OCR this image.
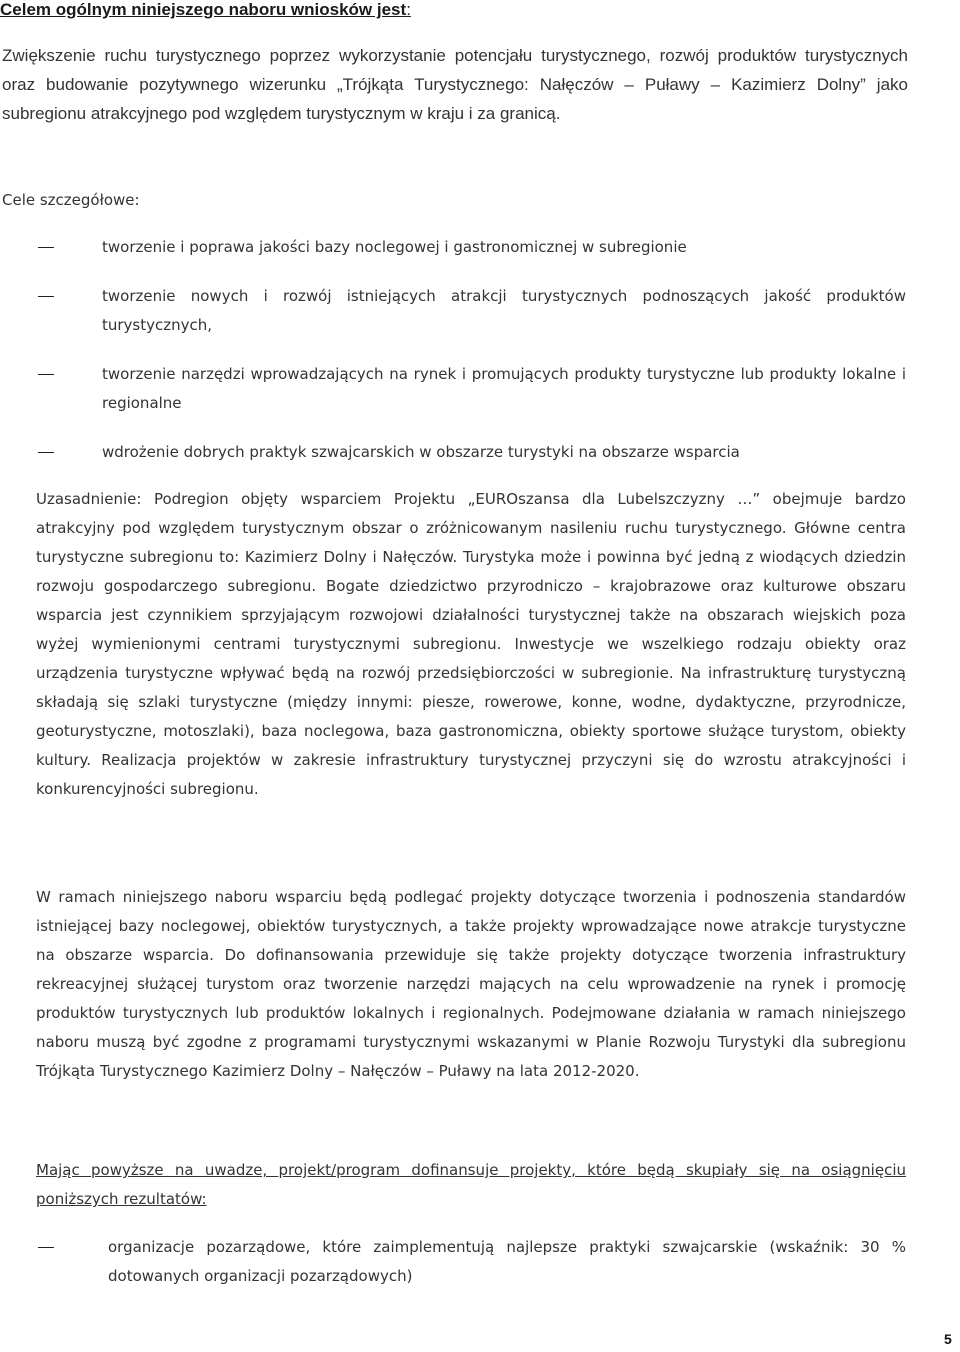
Celem ogólnym niniejszego naboru wniosków jest:
Zwiększenie ruchu turystycznego poprzez wykorzystanie potencjału turystycznego, rozwój produktów turystycznych oraz budowanie pozytywnego wizerunku „Trójkąta Turystycznego: Nałęczów – Puławy – Kazimierz Dolny” jako subregionu atrakcyjnego pod względem turystycznym w kraju i za granicą.
Cele szczegółowe:
tworzenie i poprawa jakości bazy noclegowej i gastronomicznej w subregionie
tworzenie nowych i rozwój istniejących atrakcji turystycznych podnoszących jakość produktów turystycznych,
tworzenie narzędzi wprowadzających na rynek i promujących produkty turystyczne lub produkty lokalne i regionalne
wdrożenie dobrych praktyk szwajcarskich w obszarze turystyki na obszarze wsparcia
Uzasadnienie: Podregion objęty wsparciem Projektu „EUROszansa dla Lubelszczyzny …” obejmuje bardzo atrakcyjny pod względem turystycznym obszar o zróżnicowanym nasileniu ruchu turystycznego. Główne centra turystyczne subregionu to: Kazimierz Dolny i Nałęczów. Turystyka może i powinna być jedną z wiodących dziedzin rozwoju gospodarczego subregionu. Bogate dziedzictwo przyrodniczo – krajobrazowe oraz kulturowe obszaru wsparcia jest czynnikiem sprzyjającym rozwojowi działalności turystycznej także na obszarach wiejskich poza wyżej wymienionymi centrami turystycznymi subregionu. Inwestycje we wszelkiego rodzaju obiekty oraz urządzenia turystyczne wpływać będą na rozwój przedsiębiorczości w subregionie. Na infrastrukturę turystyczną składają się szlaki turystyczne (między innymi: piesze, rowerowe, konne, wodne, dydaktyczne, przyrodnicze, geoturystyczne, motoszlaki), baza noclegowa, baza gastronomiczna, obiekty sportowe służące turystom, obiekty kultury. Realizacja projektów w zakresie infrastruktury turystycznej przyczyni się do wzrostu atrakcyjności i konkurencyjności subregionu.
W ramach niniejszego naboru wsparciu będą podlegać projekty dotyczące tworzenia i podnoszenia standardów istniejącej bazy noclegowej, obiektów turystycznych, a także projekty wprowadzające nowe atrakcje turystyczne na obszarze wsparcia. Do dofinansowania przewiduje się także projekty dotyczące tworzenia infrastruktury rekreacyjnej służącej turystom oraz tworzenie narzędzi mających na celu wprowadzenie na rynek i promocję produktów turystycznych lub produktów lokalnych i regionalnych. Podejmowane działania w ramach niniejszego naboru muszą być zgodne z programami turystycznymi wskazanymi w Planie Rozwoju Turystyki dla subregionu Trójkąta Turystycznego Kazimierz Dolny – Nałęczów – Puławy na lata 2012-2020.
Mając powyższe na uwadze, projekt/program dofinansuje projekty, które będą skupiały się na osiągnięciu poniższych rezultatów:
organizacje pozarządowe, które zaimplementują najlepsze praktyki szwajcarskie (wskaźnik: 30 % dotowanych organizacji pozarządowych)
5
